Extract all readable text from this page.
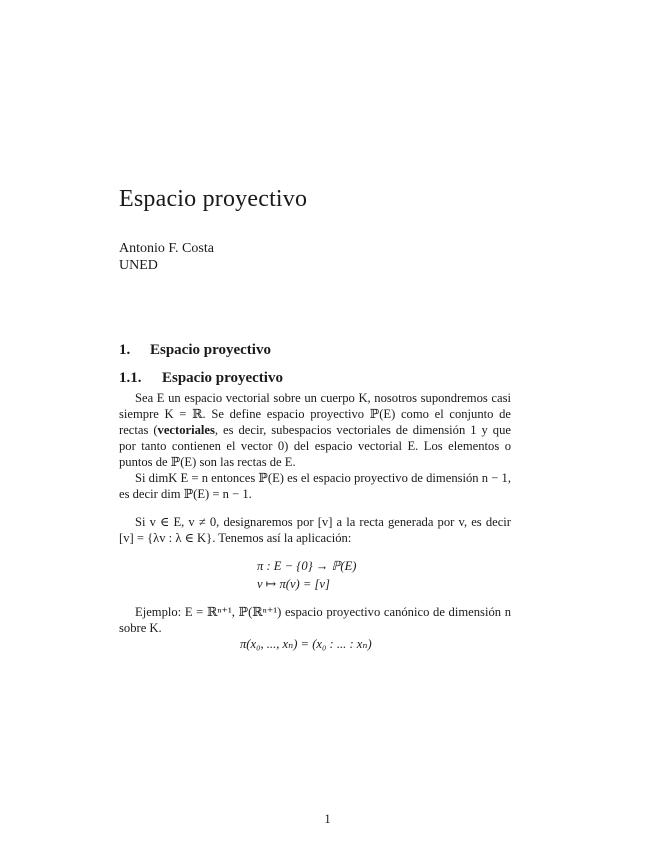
Espacio proyectivo
Antonio F. Costa
UNED
1. Espacio proyectivo
1.1. Espacio proyectivo

Sea E un espacio vectorial sobre un cuerpo K, nosotros supondremos casi siempre K = ℝ. Se define espacio proyectivo ℙ(E) como el conjunto de rectas (vectoriales, es decir, subespacios vectoriales de dimensión 1 y que por tanto contienen el vector 0) del espacio vectorial E. Los elementos o puntos de ℙ(E) son las rectas de E.

Si dimK E = n entonces ℙ(E) es el espacio proyectivo de dimensión n − 1, es decir dim ℙ(E) = n − 1.

Si v ∈ E, v ≠ 0, designaremos por [v] a la recta generada por v, es decir [v] = {λv : λ ∈ K}. Tenemos así la aplicación:

π : E − {0} → ℙ(E)
v ↦ π(v) = [v]

Ejemplo: E = ℝⁿ⁺¹, ℙ(ℝⁿ⁺¹) espacio proyectivo canónico de dimensión n sobre K.

π(x₀, ..., xₙ) = (x₀ : ... : xₙ)
1
